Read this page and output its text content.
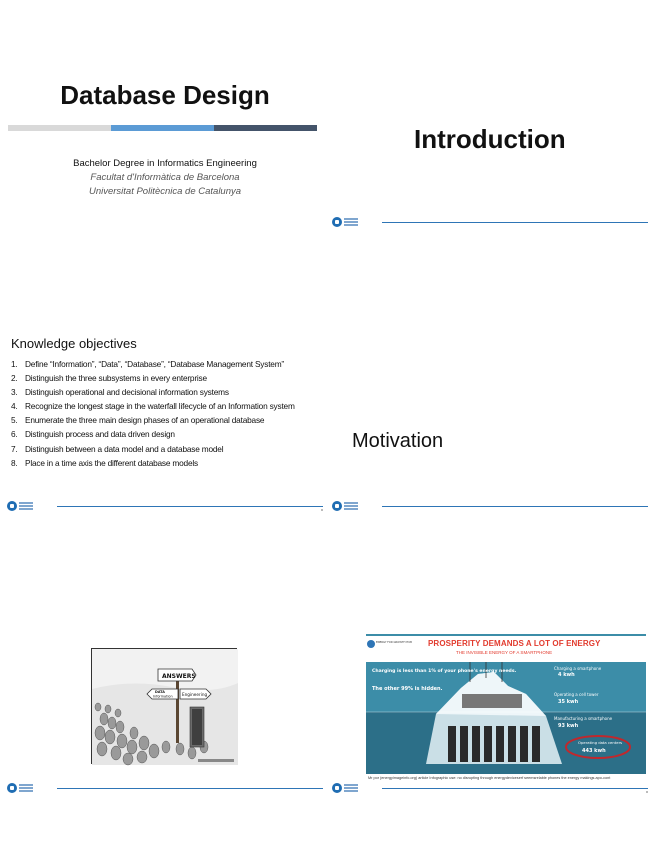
Database Design
Bachelor Degree in Informatics Engineering
Facultat d'Informàtica de Barcelona
Universitat Politècnica de Catalunya
Introduction
Knowledge objectives
1. Define “Information”, “Data”, “Database”, “Database Management System”
2. Distinguish the three subsystems in every enterprise
3. Distinguish operational and decisional information systems
4. Recognize the longest stage in the waterfall lifecycle of an Information system
5. Enumerate the three main design phases of an operational database
6. Distinguish process and data driven design
7. Distinguish between a data model and a database model
8. Place in a time axis the different database models
Motivation
ANSWERS
DATA
Information Engineering
Charging is less than 1% of your phone's energy needs.
The other 99% is hidden.
Charging a smartphone
4 kwh
Operating a cell tower
35 kwh
Manufacturing a smartphone
93 kwh
Operating data centers
443 kwh
ENERGY FOR GROWTH HUB PROSPERITY DEMANDS A LOT OF ENERGY
THE INVISIBLE ENERGY OF A SMARTPHONE
Mr por (energyimageinfo.org) article Infographic use: no disrupting through energydeviceserf seemsrelable phones the energy makings.apo-cont
